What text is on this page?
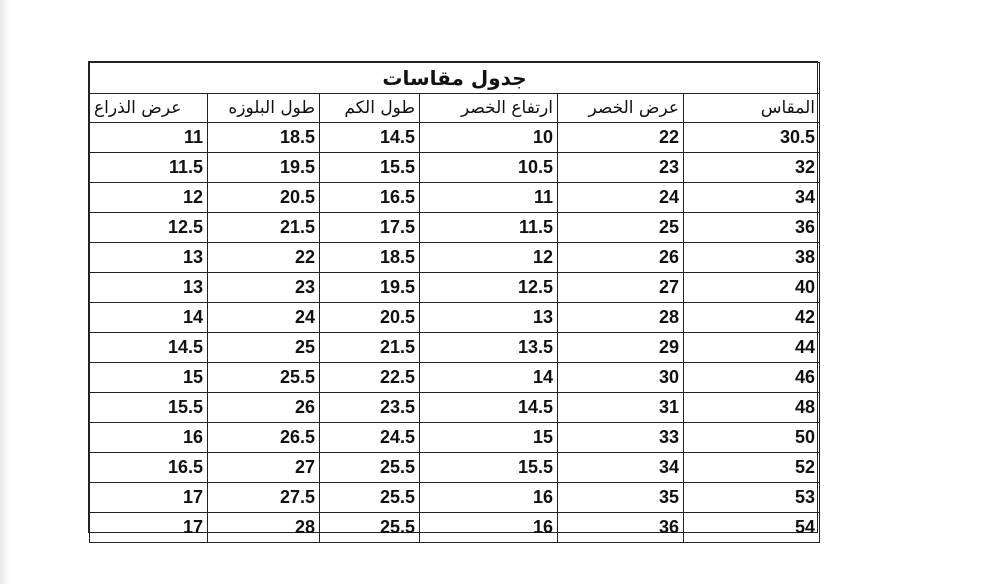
جدول مقاسات					
عرض الذراع	طول البلوزه	طول الكم	ارتفاع الخصر	عرض الخصر	المقاس
11	18.5	14.5	10	22	30.5
11.5	19.5	15.5	10.5	23	32
12	20.5	16.5	11	24	34
12.5	21.5	17.5	11.5	25	36
13	22	18.5	12	26	38
13	23	19.5	12.5	27	40
14	24	20.5	13	28	42
14.5	25	21.5	13.5	29	44
15	25.5	22.5	14	30	46
15.5	26	23.5	14.5	31	48
16	26.5	24.5	15	33	50
16.5	27	25.5	15.5	34	52
17	27.5	25.5	16	35	53
17	28	25.5	16	36	54
